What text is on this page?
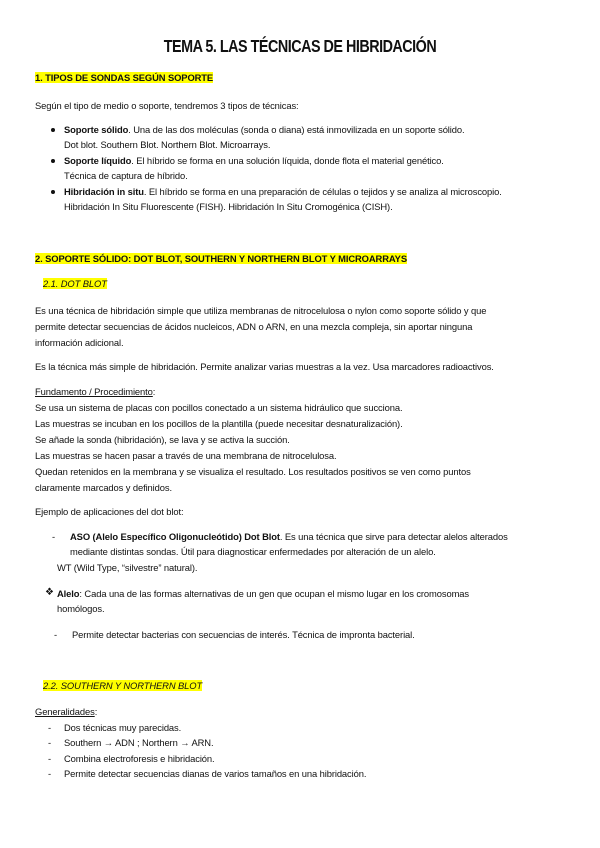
TEMA 5. LAS TÉCNICAS DE HIBRIDACIÓN
1. TIPOS DE SONDAS SEGÚN SOPORTE
Según el tipo de medio o soporte, tendremos 3 tipos de técnicas:
Soporte sólido. Una de las dos moléculas (sonda o diana) está inmovilizada en un soporte sólido.
Dot blot. Southern Blot. Northern Blot. Microarrays.
Soporte líquido. El híbrido se forma en una solución líquida, donde flota el material genético.
Técnica de captura de híbrido.
Hibridación in situ. El híbrido se forma en una preparación de células o tejidos y se analiza al microscopio.
Hibridación In Situ Fluorescente (FISH). Hibridación In Situ Cromogénica (CISH).
2. SOPORTE SÓLIDO: DOT BLOT, SOUTHERN Y NORTHERN BLOT Y MICROARRAYS
2.1. DOT BLOT
Es una técnica de hibridación simple que utiliza membranas de nitrocelulosa o nylon como soporte sólido y que
permite detectar secuencias de ácidos nucleicos, ADN o ARN, en una mezcla compleja, sin aportar ninguna
información adicional.
Es la técnica más simple de hibridación. Permite analizar varias muestras a la vez. Usa marcadores radioactivos.
Fundamento / Procedimiento:
Se usa un sistema de placas con pocillos conectado a un sistema hidráulico que succiona.
Las muestras se incuban en los pocillos de la plantilla (puede necesitar desnaturalización).
Se añade la sonda (hibridación), se lava y se activa la succión.
Las muestras se hacen pasar a través de una membrana de nitrocelulosa.
Quedan retenidos en la membrana y se visualiza el resultado. Los resultados positivos se ven como puntos
claramente marcados y definidos.
Ejemplo de aplicaciones del dot blot:
- ASO (Alelo Específico Oligonucleótido) Dot Blot. Es una técnica que sirve para detectar alelos alterados
mediante distintas sondas. Útil para diagnosticar enfermedades por alteración de un alelo.
WT (Wild Type, “silvestre” natural).
❖ Alelo: Cada una de las formas alternativas de un gen que ocupan el mismo lugar en los cromosomas
homólogos.
- Permite detectar bacterias con secuencias de interés. Técnica de impronta bacterial.
2.2. SOUTHERN Y NORTHERN BLOT
Generalidades:
- Dos técnicas muy parecidas.
- Southern → ADN ; Northern → ARN.
- Combina electroforesis e hibridación.
- Permite detectar secuencias dianas de varios tamaños en una hibridación.
